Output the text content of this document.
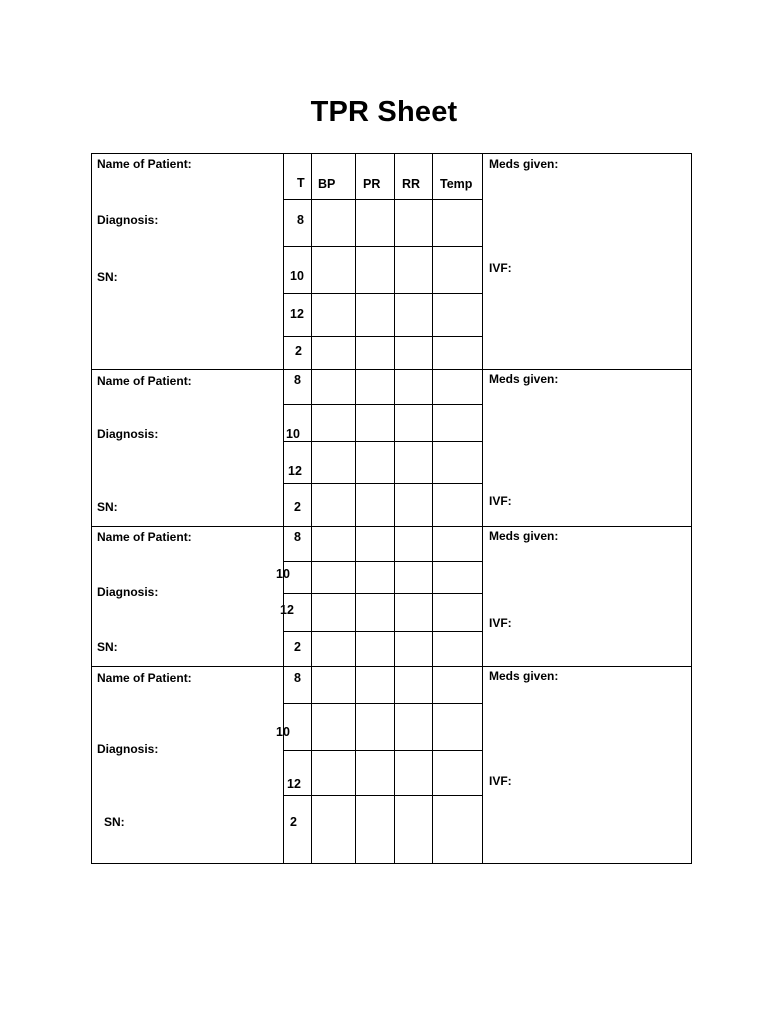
TPR Sheet
T BP PR RR Temp
Name of Patient:
Diagnosis:
SN:
Meds given:
IVF:
8
10
12
2
Name of Patient:
Diagnosis:
SN:
Meds given:
IVF:
8
10
12
2
Name of Patient:
Diagnosis:
SN:
Meds given:
IVF:
8
10
12
2
Name of Patient:
Diagnosis:
SN:
Meds given:
IVF:
8
10
12
2
